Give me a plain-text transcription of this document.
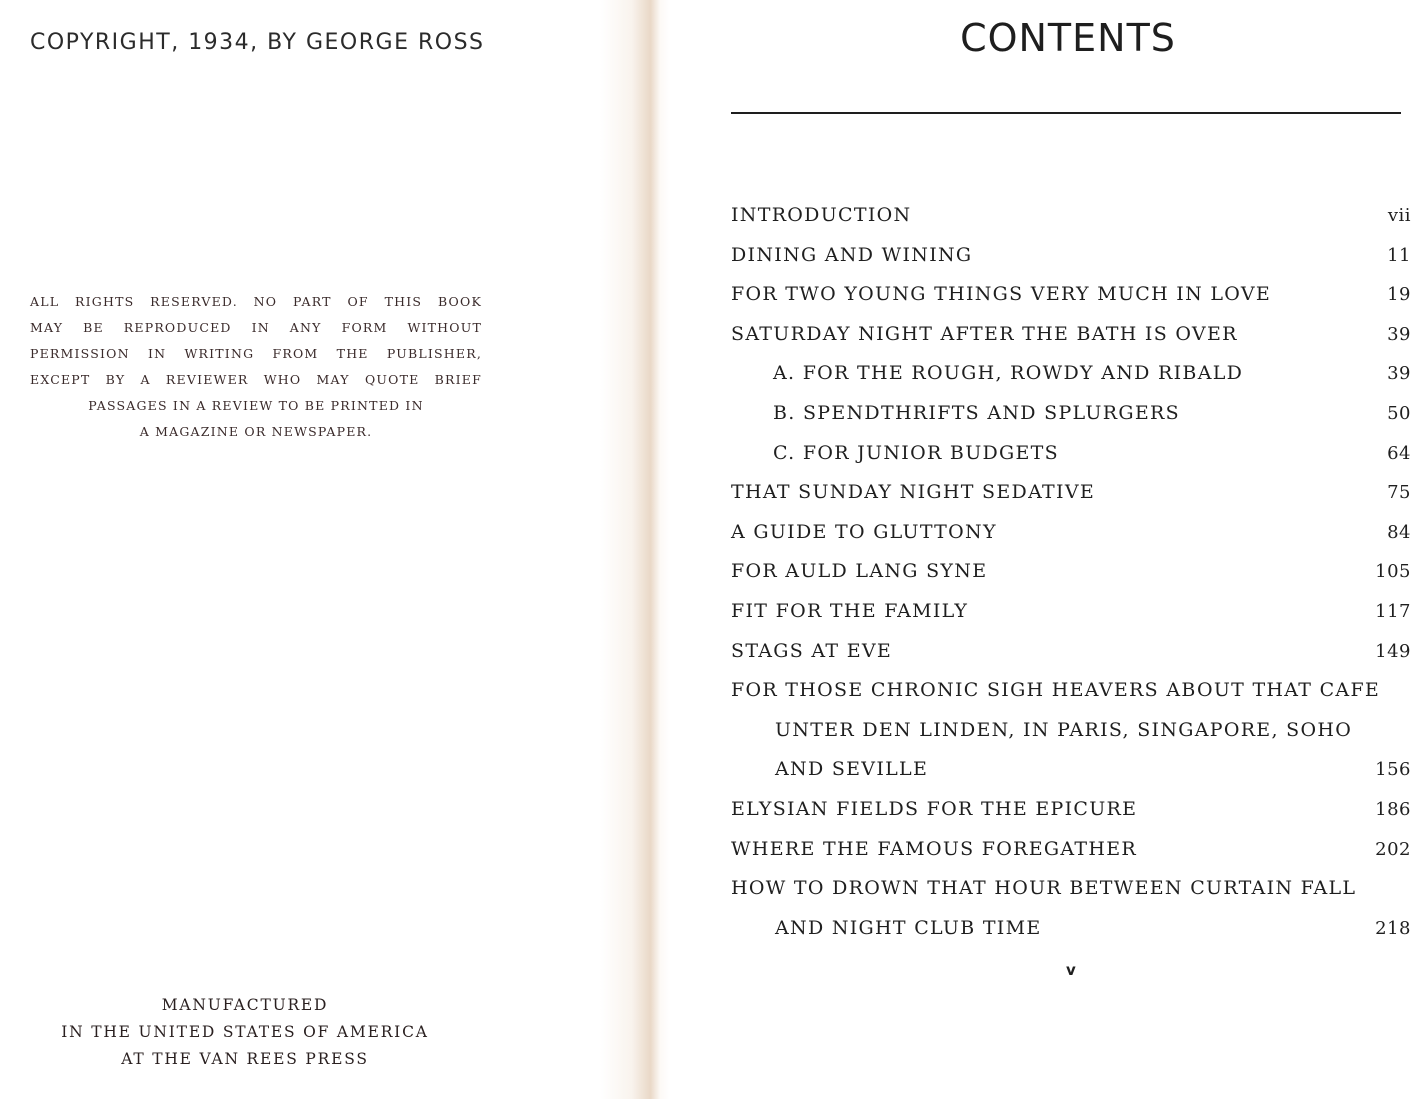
COPYRIGHT, 1934, BY GEORGE ROSS
ALL RIGHTS RESERVED. NO PART OF THIS BOOK
MAY BE REPRODUCED IN ANY FORM WITHOUT
PERMISSION IN WRITING FROM THE PUBLISHER,
EXCEPT BY A REVIEWER WHO MAY QUOTE BRIEF
PASSAGES IN A REVIEW TO BE PRINTED IN
A MAGAZINE OR NEWSPAPER.
MANUFACTURED
IN THE UNITED STATES OF AMERICA
AT THE VAN REES PRESS
CONTENTS
INTRODUCTION	vii
DINING AND WINING	11
FOR TWO YOUNG THINGS VERY MUCH IN LOVE	19
SATURDAY NIGHT AFTER THE BATH IS OVER	39
A. FOR THE ROUGH, ROWDY AND RIBALD	39
B. SPENDTHRIFTS AND SPLURGERS	50
C. FOR JUNIOR BUDGETS	64
THAT SUNDAY NIGHT SEDATIVE	75
A GUIDE TO GLUTTONY	84
FOR AULD LANG SYNE	105
FIT FOR THE FAMILY	117
STAGS AT EVE	149
FOR THOSE CHRONIC SIGH HEAVERS ABOUT THAT CAFE
UNTER DEN LINDEN, IN PARIS, SINGAPORE, SOHO
AND SEVILLE	156
ELYSIAN FIELDS FOR THE EPICURE	186
WHERE THE FAMOUS FOREGATHER	202
HOW TO DROWN THAT HOUR BETWEEN CURTAIN FALL
AND NIGHT CLUB TIME	218
v
